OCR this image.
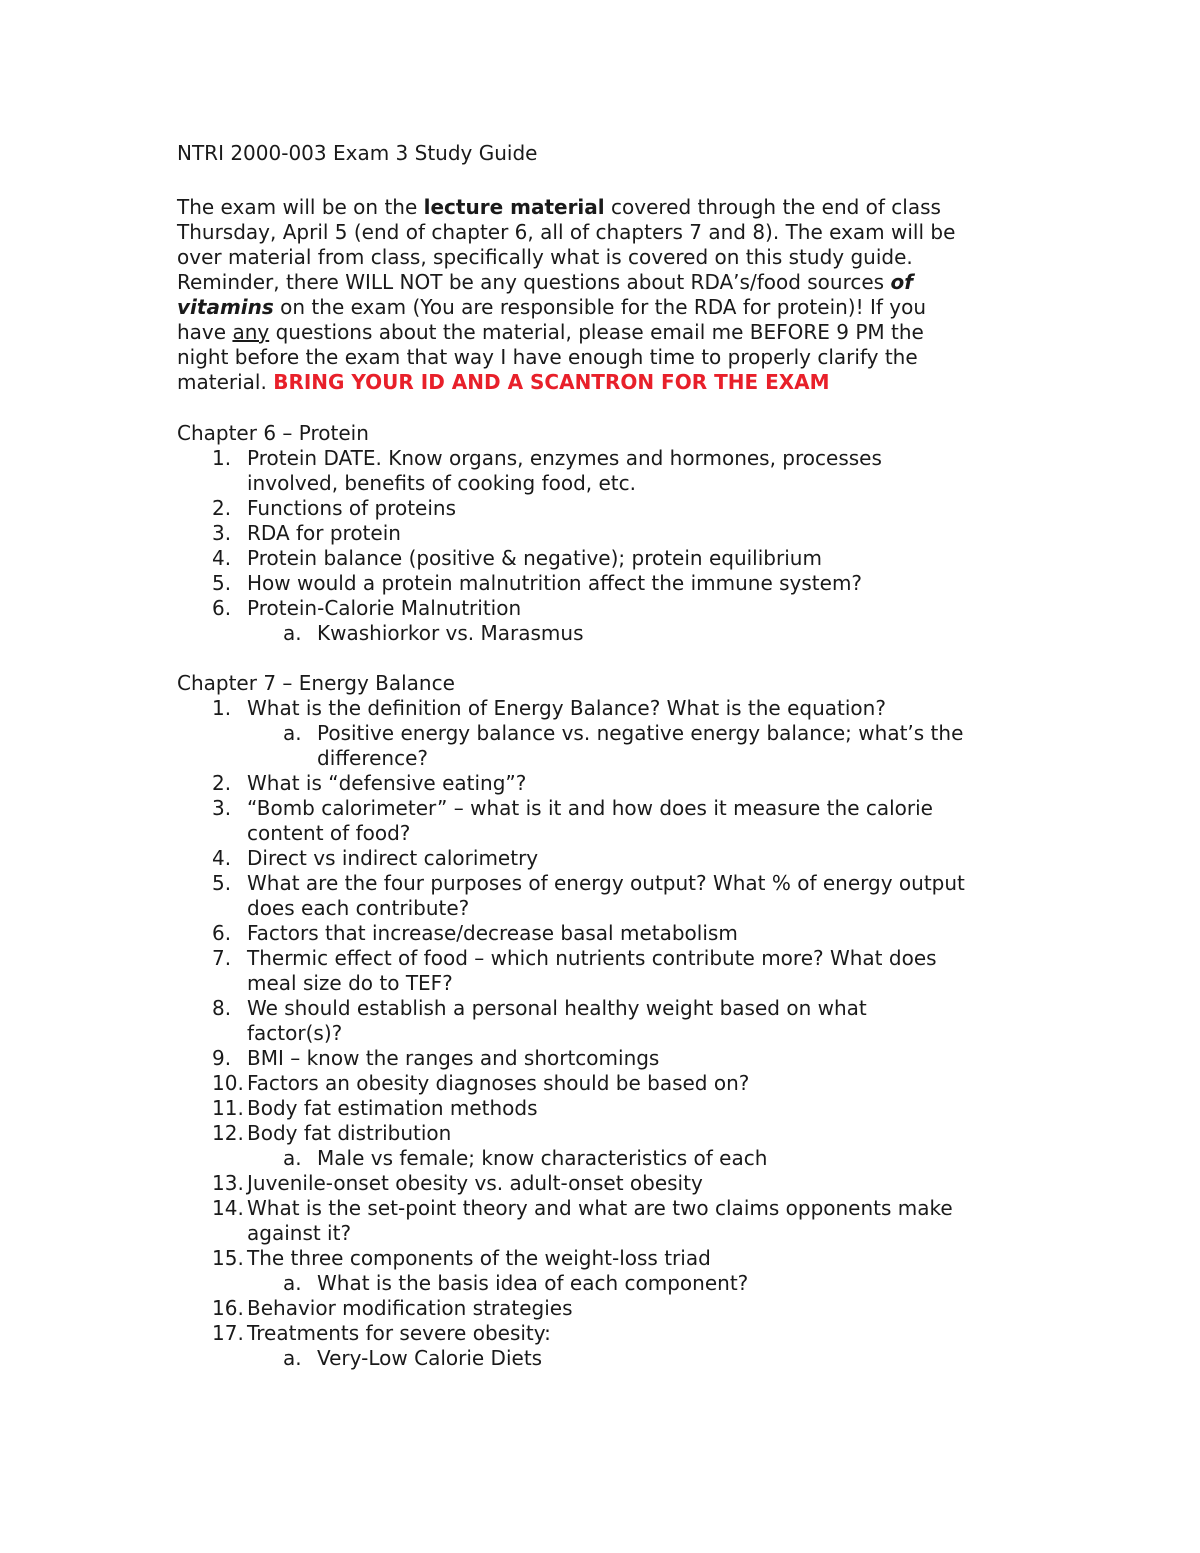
NTRI 2000-003 Exam 3 Study Guide
The exam will be on the lecture material covered through the end of class
Thursday, April 5 (end of chapter 6, all of chapters 7 and 8). The exam will be
over material from class, specifically what is covered on this study guide.
Reminder, there WILL NOT be any questions about RDA’s/food sources of
vitamins on the exam (You are responsible for the RDA for protein)! If you
have any questions about the material, please email me BEFORE 9 PM the
night before the exam that way I have enough time to properly clarify the
material. BRING YOUR ID AND A SCANTRON FOR THE EXAM
Chapter 6 – Protein
1. Protein DATE. Know organs, enzymes and hormones, processes
involved, benefits of cooking food, etc.
2. Functions of proteins
3. RDA for protein
4. Protein balance (positive & negative); protein equilibrium
5. How would a protein malnutrition affect the immune system?
6. Protein-Calorie Malnutrition
a. Kwashiorkor vs. Marasmus
Chapter 7 – Energy Balance
1. What is the definition of Energy Balance? What is the equation?
a. Positive energy balance vs. negative energy balance; what’s the
difference?
2. What is “defensive eating”?
3. “Bomb calorimeter” – what is it and how does it measure the calorie
content of food?
4. Direct vs indirect calorimetry
5. What are the four purposes of energy output? What % of energy output
does each contribute?
6. Factors that increase/decrease basal metabolism
7. Thermic effect of food – which nutrients contribute more? What does
meal size do to TEF?
8. We should establish a personal healthy weight based on what
factor(s)?
9. BMI – know the ranges and shortcomings
10. Factors an obesity diagnoses should be based on?
11. Body fat estimation methods
12. Body fat distribution
a. Male vs female; know characteristics of each
13. Juvenile-onset obesity vs. adult-onset obesity
14. What is the set-point theory and what are two claims opponents make
against it?
15. The three components of the weight-loss triad
a. What is the basis idea of each component?
16. Behavior modification strategies
17. Treatments for severe obesity:
a. Very-Low Calorie Diets
